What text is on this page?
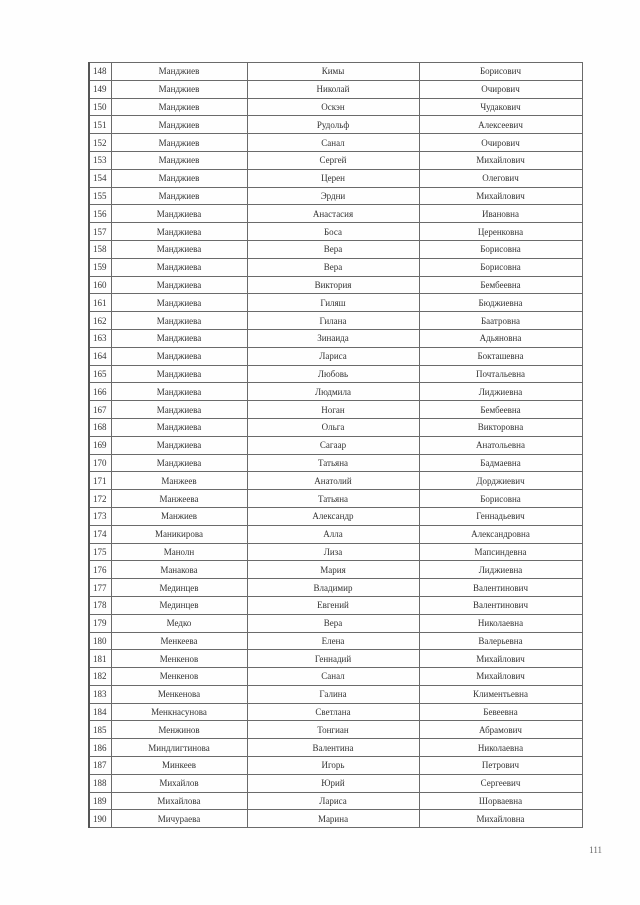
148	Манджиев	Кимы	Борисович
149	Манджиев	Николай	Очирович
150	Манджиев	Оскэн	Чудакович
151	Манджиев	Рудольф	Алексеевич
152	Манджиев	Санал	Очирович
153	Манджиев	Сергей	Михайлович
154	Манджиев	Церен	Олегович
155	Манджиев	Эрдни	Михайлович
156	Манджиева	Анастасия	Ивановна
157	Манджиева	Боса	Церенковна
158	Манджиева	Вера	Борисовна
159	Манджиева	Вера	Борисовна
160	Манджиева	Виктория	Бембеевна
161	Манджиева	Гиляш	Бюджиевна
162	Манджиева	Гилана	Баатровна
163	Манджиева	Зинаида	Адьяновна
164	Манджиева	Лариса	Бокташевна
165	Манджиева	Любовь	Почтальевна
166	Манджиева	Людмила	Лиджиевна
167	Манджиева	Ноган	Бембеевна
168	Манджиева	Ольга	Викторовна
169	Манджиева	Сагаар	Анатольевна
170	Манджиева	Татьяна	Бадмаевна
171	Манжеев	Анатолий	Дорджиевич
172	Манжеева	Татьяна	Борисовна
173	Манжиев	Александр	Геннадьевич
174	Маникирова	Алла	Александровна
175	Манолн	Лиза	Мапсиндевна
176	Манакова	Мария	Лиджиевна
177	Мединцев	Владимир	Валентинович
178	Мединцев	Евгений	Валентинович
179	Медко	Вера	Николаевна
180	Менкеева	Елена	Валерьевна
181	Менкенов	Геннадий	Михайлович
182	Менкенов	Санал	Михайлович
183	Менкенова	Галина	Климентьевна
184	Менкнасунова	Светлана	Бевеевна
185	Менжинов	Тонгиан	Абрамович
186	Миндлигтинова	Валентина	Николаевна
187	Минкеев	Игорь	Петрович
188	Михайлов	Юрий	Сергеевич
189	Михайлова	Лариса	Шорваевна
190	Мичураева	Марина	Михайловна
111
